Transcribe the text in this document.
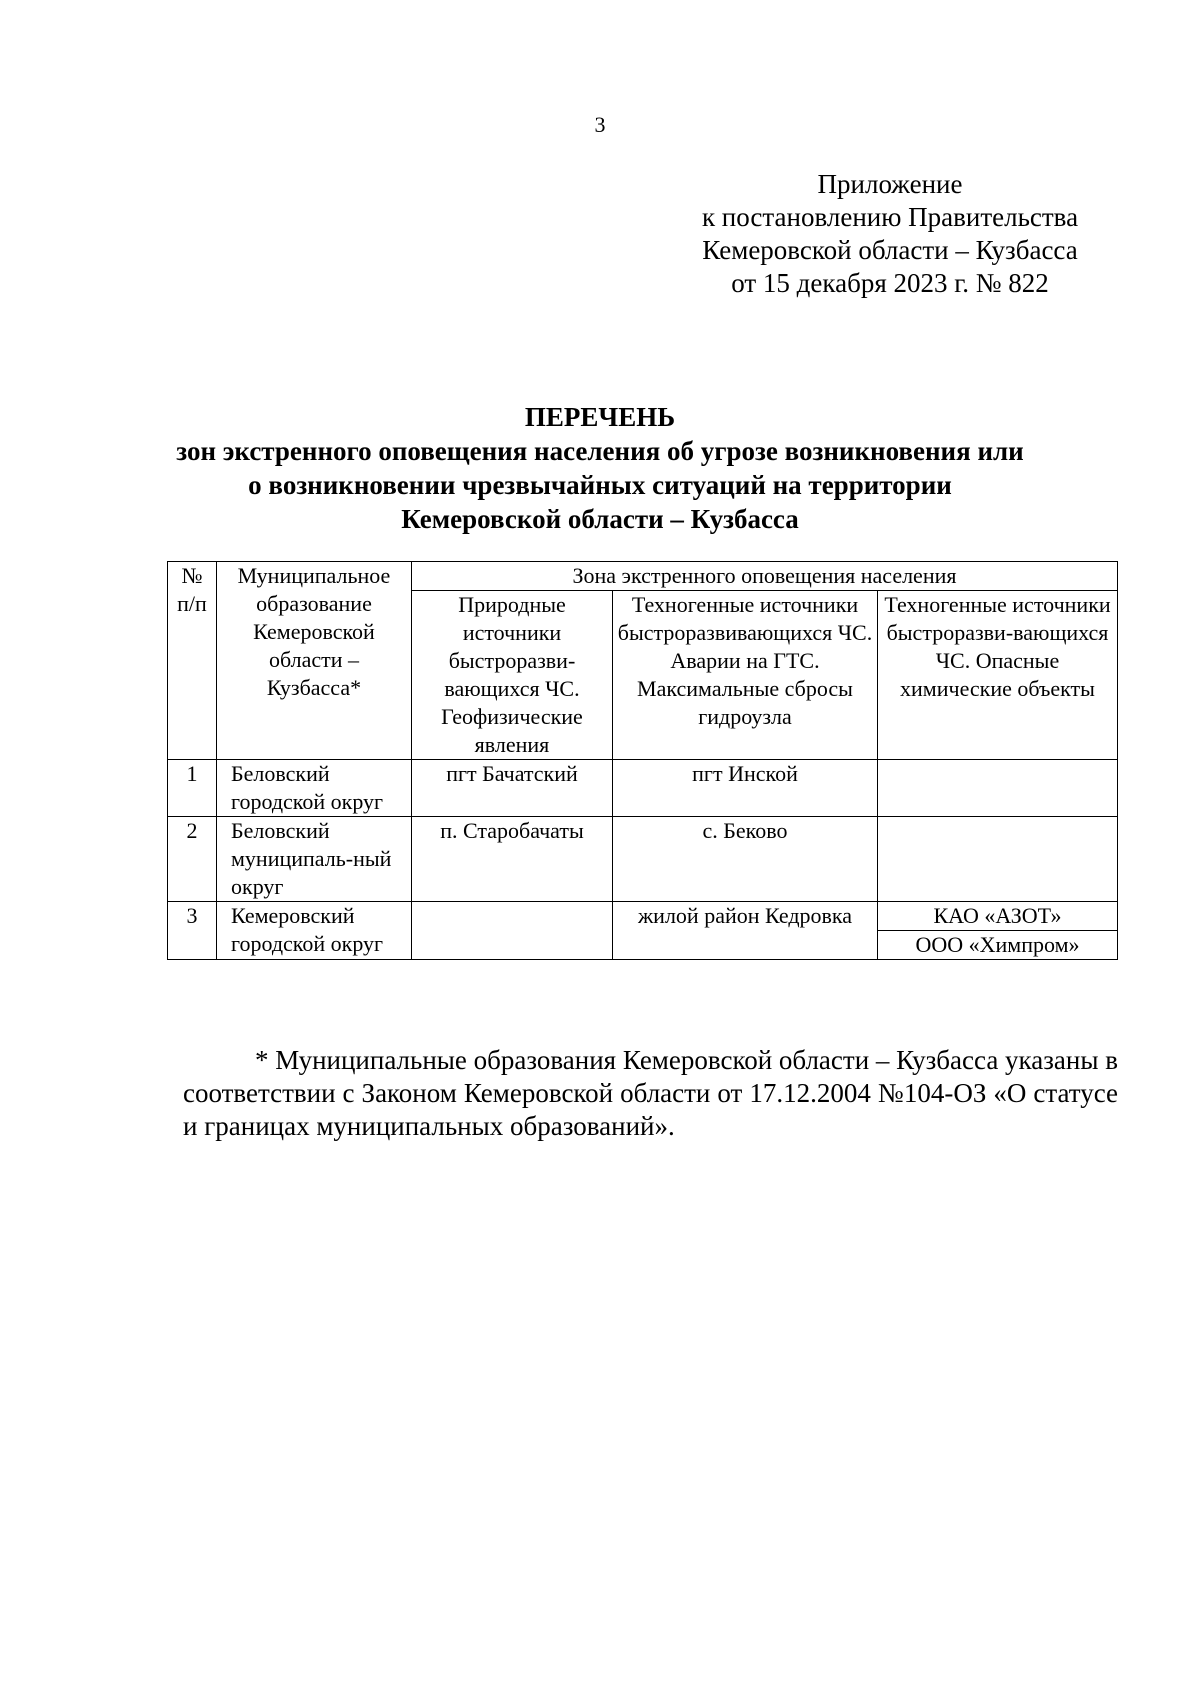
3
Приложение
к постановлению Правительства
Кемеровской области – Кузбасса
от 15 декабря 2023 г. № 822
ПЕРЕЧЕНЬ
зон экстренного оповещения населения об угрозе возникновения или
о возникновении чрезвычайных ситуаций на территории
Кемеровской области – Кузбасса
№ п/п	Муниципальное образование Кемеровской области – Кузбасса*	Зона экстренного оповещения населения		
		Природные источники быстроразви-вающихся ЧС. Геофизические явления	Техногенные источники быстроразвивающихся ЧС. Аварии на ГТС. Максимальные сбросы гидроузла	Техногенные источники быстроразви-вающихся ЧС. Опасные химические объекты
1	Беловский городской округ	пгт Бачатский	пгт Инской	
2	Беловский муниципаль-ный округ	п. Старобачаты	с. Беково	
3	Кемеровский городской округ		жилой район Кедровка	КАО «АЗОТ»
ООО «Химпром»

* Муниципальные образования Кемеровской области – Кузбасса указаны в соответствии с Законом Кемеровской области от 17.12.2004 №104-ОЗ «О статусе и границах муниципальных образований».
